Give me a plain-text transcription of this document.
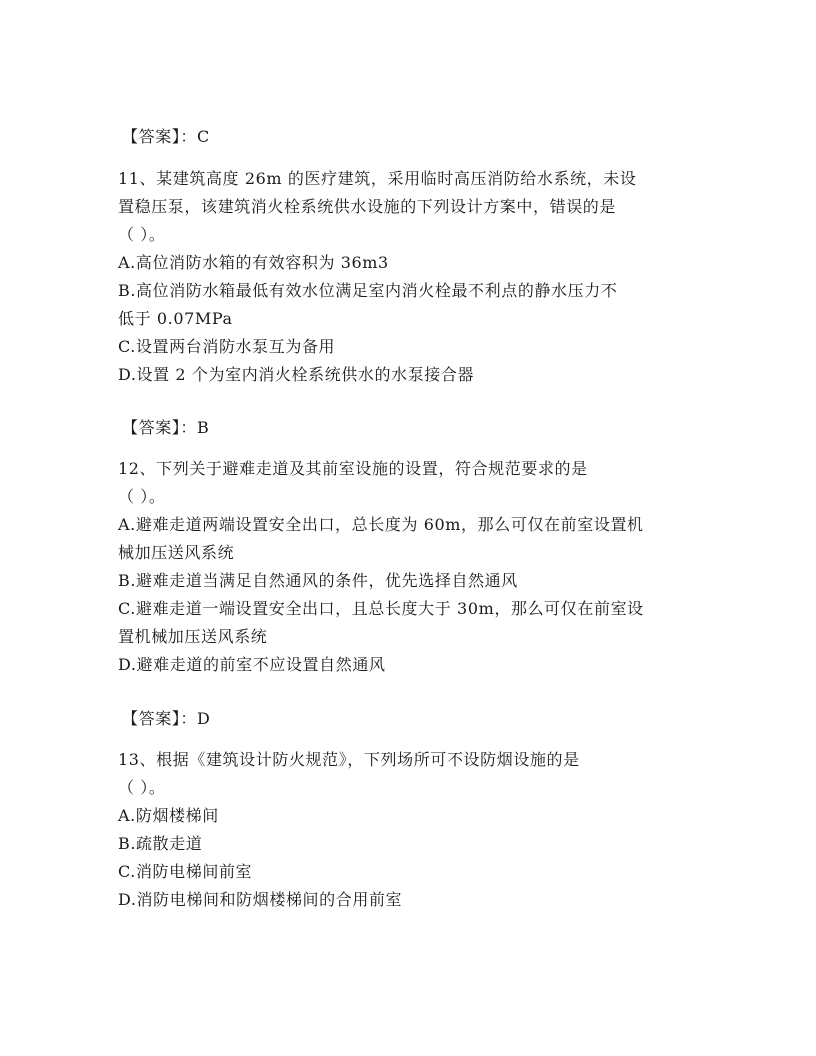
【答案】：C
11、某建筑高度 26m 的医疗建筑，采用临时高压消防给水系统，未设
置稳压泵，该建筑消火栓系统供水设施的下列设计方案中，错误的是
（ ）。
A.高位消防水箱的有效容积为 36m3
B.高位消防水箱最低有效水位满足室内消火栓最不利点的静水压力不
低于 0.07MPa
C.设置两台消防水泵互为备用
D.设置 2 个为室内消火栓系统供水的水泵接合器
【答案】：B
12、下列关于避难走道及其前室设施的设置，符合规范要求的是
（ ）。
A.避难走道两端设置安全出口，总长度为 60m，那么可仅在前室设置机
械加压送风系统
B.避难走道当满足自然通风的条件，优先选择自然通风
C.避难走道一端设置安全出口，且总长度大于 30m，那么可仅在前室设
置机械加压送风系统
D.避难走道的前室不应设置自然通风
【答案】：D
13、根据《建筑设计防火规范》，下列场所可不设防烟设施的是
（ ）。
A.防烟楼梯间
B.疏散走道
C.消防电梯间前室
D.消防电梯间和防烟楼梯间的合用前室
